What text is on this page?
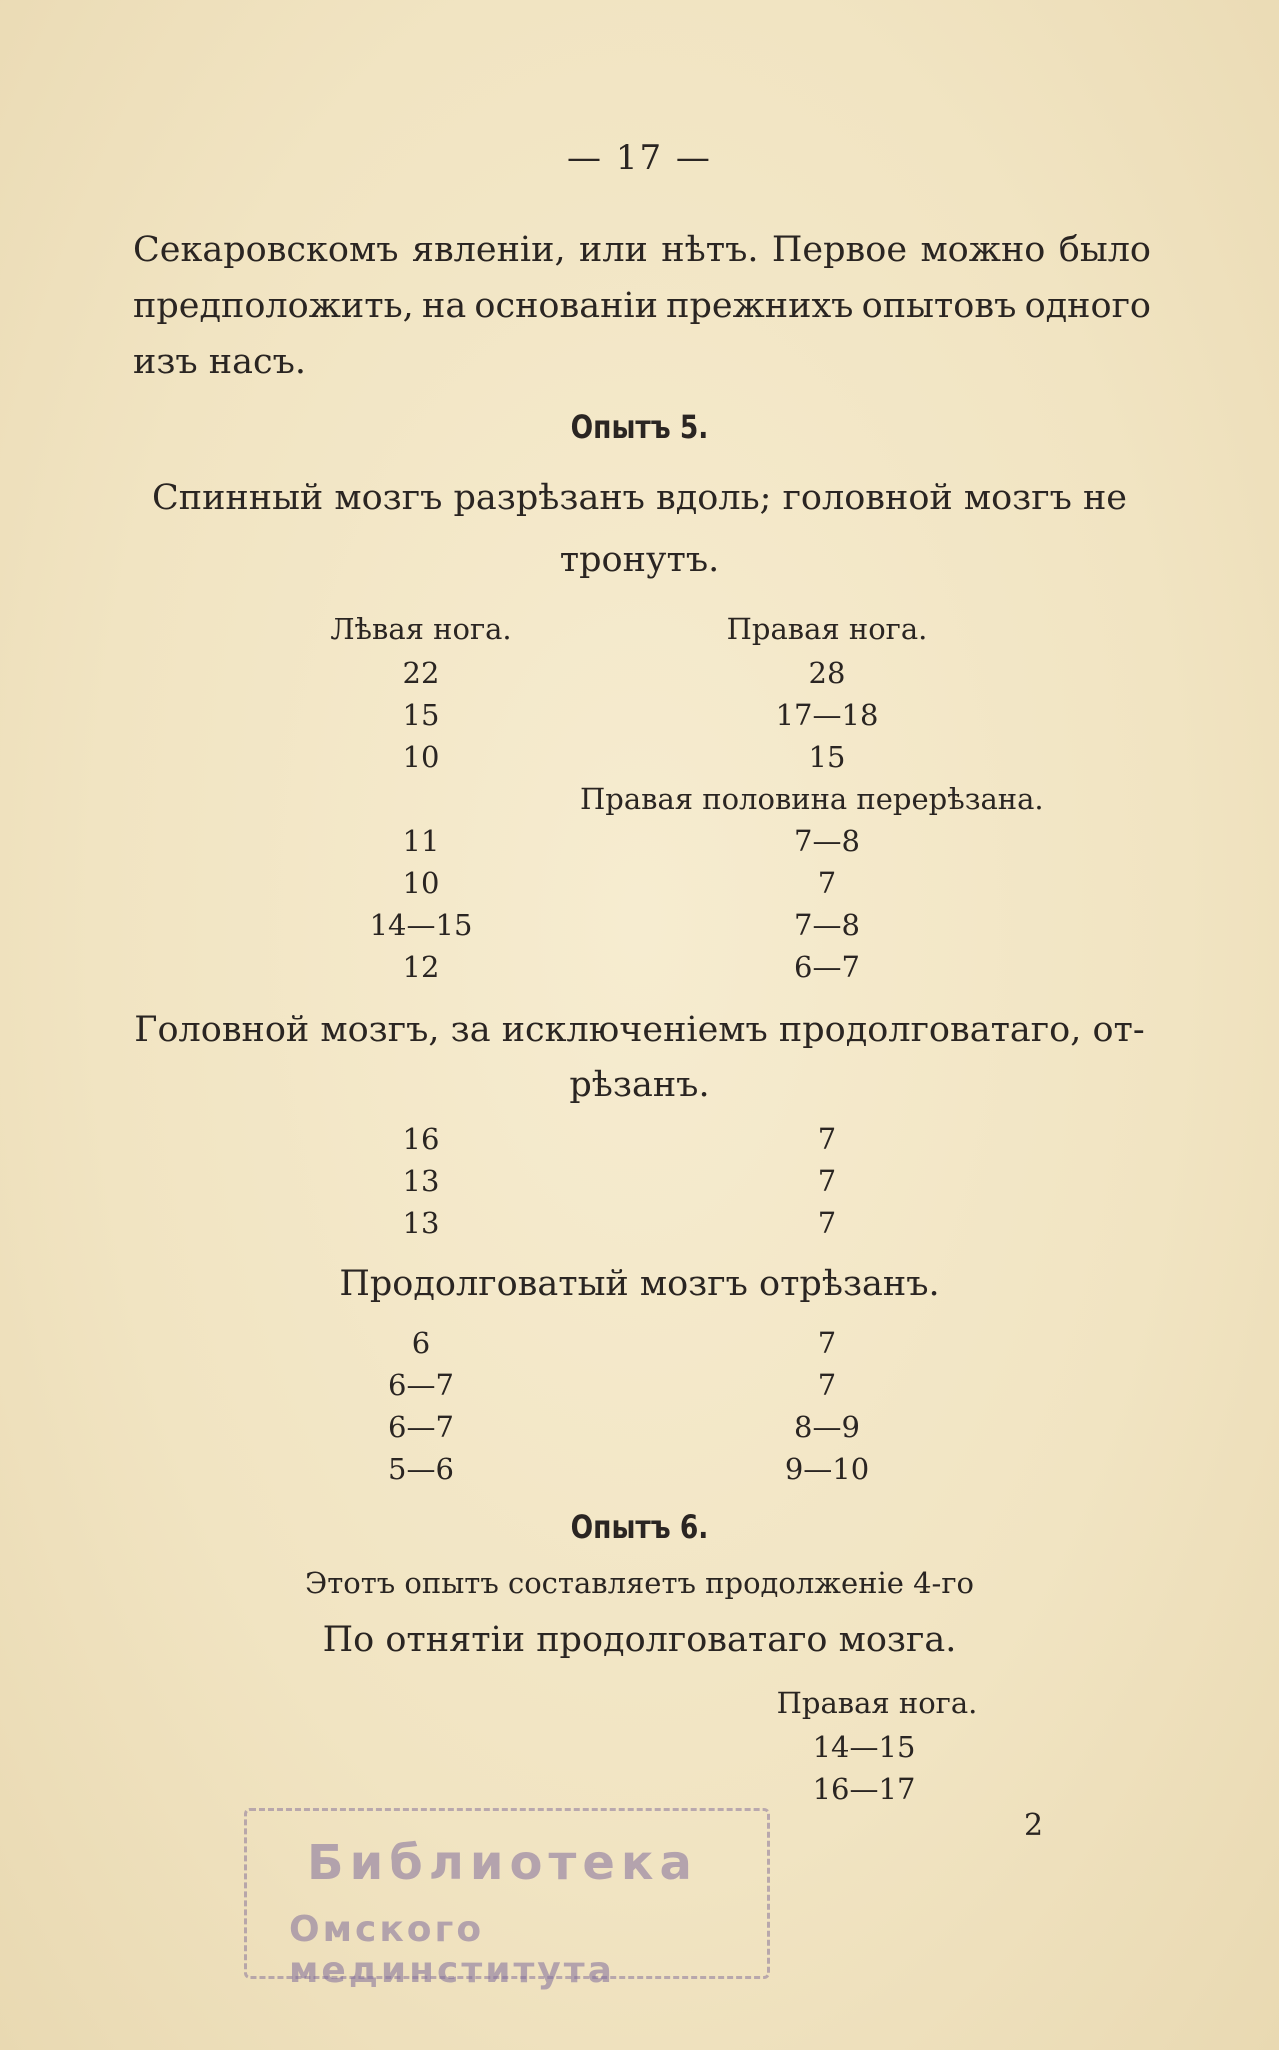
— 17 —
Секаровскомъ явленіи, или нѣтъ. Первое можно было
предположить, на основаніи прежнихъ опытовъ одного
изъ насъ.
Опытъ 5.
Спинный мозгъ разрѣзанъ вдоль; головной мозгъ не
тронутъ.
Лѣвая нога.	Правая нога.
22	28
15	17—18
10	15
Правая половина перерѣзана.
11	7—8
10	7
14—15	7—8
12	6—7
Головной мозгъ, за исключеніемъ продолговатаго, от-
рѣзанъ.
16	7
13	7
13	7
Продолговатый мозгъ отрѣзанъ.
6	7
6—7	7
6—7	8—9
5—6	9—10
Опытъ 6.
Этотъ опытъ составляетъ продолженіе 4-го
По отнятіи продолговатаго мозга.
Правая нога.
14—15
16—17
Библиотека
Омского мединститута
2
